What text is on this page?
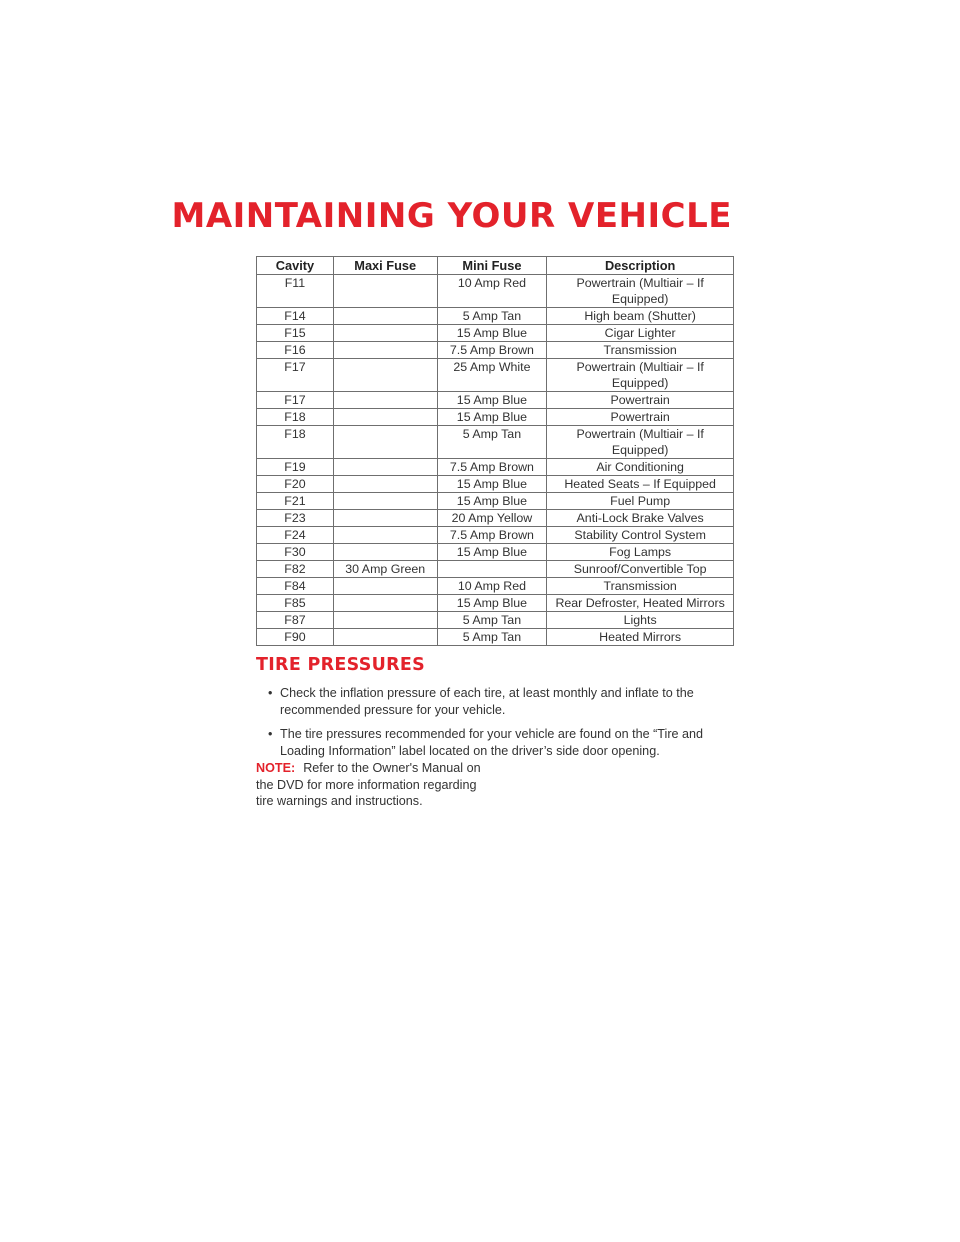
MAINTAINING YOUR VEHICLE
Cavity	Maxi Fuse	Mini Fuse	Description
F11		10 Amp Red	Powertrain (Multiair – If Equipped)
F14		5 Amp Tan	High beam (Shutter)
F15		15 Amp Blue	Cigar Lighter
F16		7.5 Amp Brown	Transmission
F17		25 Amp White	Powertrain (Multiair – If Equipped)
F17		15 Amp Blue	Powertrain
F18		15 Amp Blue	Powertrain
F18		5 Amp Tan	Powertrain (Multiair – If Equipped)
F19		7.5 Amp Brown	Air Conditioning
F20		15 Amp Blue	Heated Seats – If Equipped
F21		15 Amp Blue	Fuel Pump
F23		20 Amp Yellow	Anti-Lock Brake Valves
F24		7.5 Amp Brown	Stability Control System
F30		15 Amp Blue	Fog Lamps
F82	30 Amp Green		Sunroof/Convertible Top
F84		10 Amp Red	Transmission
F85		15 Amp Blue	Rear Defroster, Heated Mirrors
F87		5 Amp Tan	Lights
F90		5 Amp Tan	Heated Mirrors
TIRE PRESSURES
• Check the inflation pressure of each tire, at least monthly and inflate to the recommended pressure for your vehicle.
• The tire pressures recommended for your vehicle are found on the “Tire and Loading Information” label located on the driver’s side door opening.

NOTE: Refer to the Owner's Manual on the DVD for more information regarding tire warnings and instructions.
